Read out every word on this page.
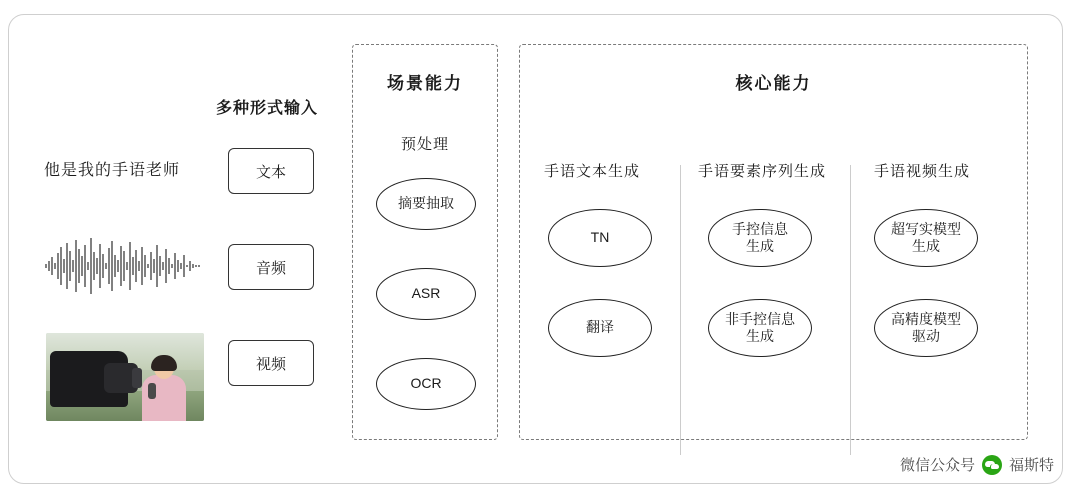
多种形式输入
他是我的手语老师	文本
音频
视频
场景能力
预处理
摘要抽取
ASR
OCR
核心能力
手语文本生成
TN
翻译
手语要素序列生成
手控信息
生成
非手控信息
生成
手语视频生成
超写实模型
生成
高精度模型
驱动
微信公众号 福斯特
